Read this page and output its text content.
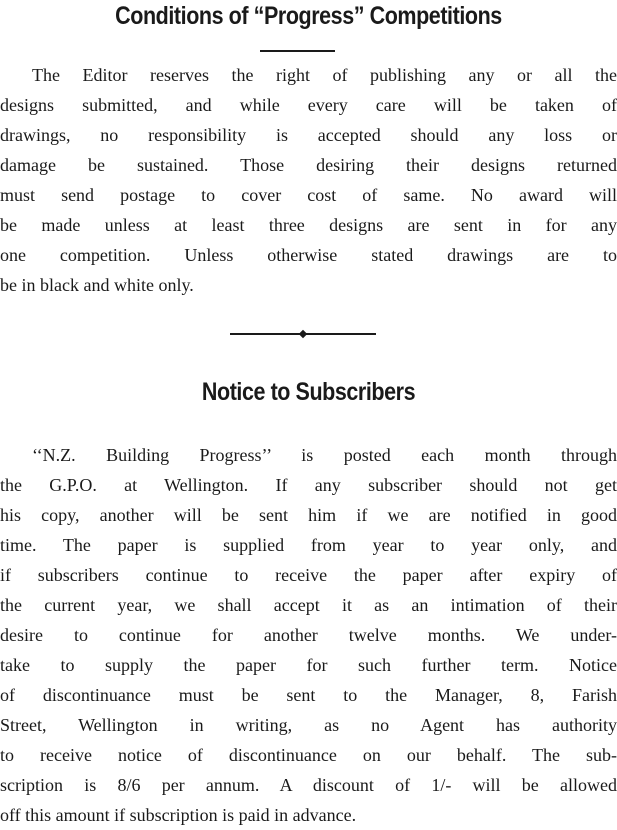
Conditions of “Progress” Competitions
The Editor reserves the right of publishing any or all the
designs submitted, and while every care will be taken of
drawings, no responsibility is accepted should any loss or
damage be sustained. Those desiring their designs returned
must send postage to cover cost of same. No award will
be made unless at least three designs are sent in for any
one competition. Unless otherwise stated drawings are to
be in black and white only.
Notice to Subscribers
‘‘N.Z. Building Progress’’ is posted each month through
the G.P.O. at Wellington. If any subscriber should not get
his copy, another will be sent him if we are notified in good
time. The paper is supplied from year to year only, and
if subscribers continue to receive the paper after expiry of
the current year, we shall accept it as an intimation of their
desire to continue for another twelve months. We under-
take to supply the paper for such further term. Notice
of discontinuance must be sent to the Manager, 8, Farish
Street, Wellington in writing, as no Agent has authority
to receive notice of discontinuance on our behalf. The sub-
scription is 8/6 per annum. A discount of 1/- will be allowed
off this amount if subscription is paid in advance.
